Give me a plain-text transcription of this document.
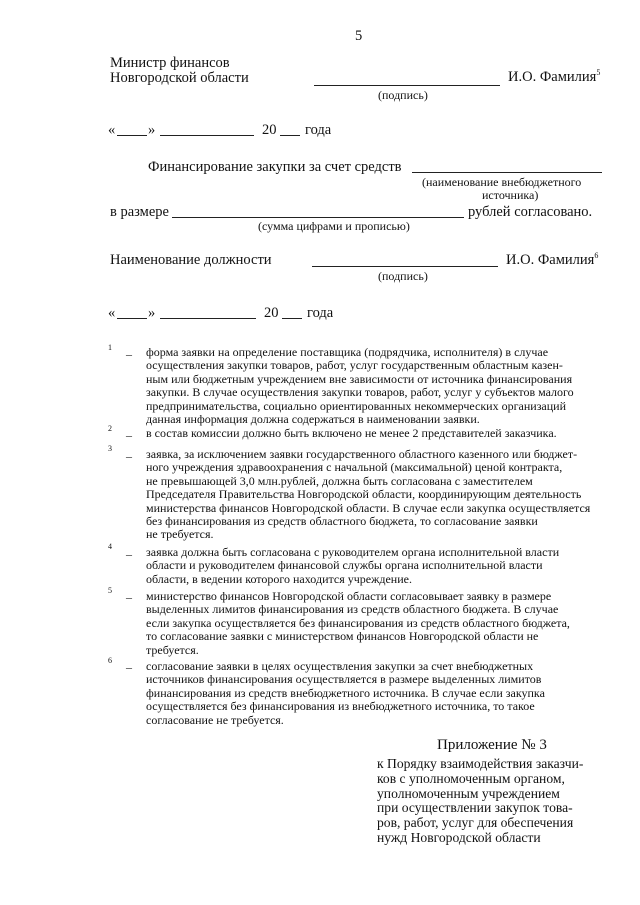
5
Министр финансов
Новгородской области	И.О. Фамилия$^5$
(подпись)
« »	20 года
Финансирование закупки за счет средств
(наименование внебюджетного
источника)
в размере	рублей согласовано.
(сумма цифрами и прописью)
Наименование должности	И.О. Фамилия$^6$
(подпись)
« »	20 года
1 – форма заявки на определение поставщика (подрядчика, исполнителя) в случае
осуществления закупки товаров, работ, услуг государственным областным казен-
ным или бюджетным учреждением вне зависимости от источника финансирования
закупки. В случае осуществления закупки товаров, работ, услуг у субъектов малого
предпринимательства, социально ориентированных некоммерческих организаций
данная информация должна содержаться в наименовании заявки.
2 – в состав комиссии должно быть включено не менее 2 представителей заказчика.
3
– заявка, за исключением заявки государственного областного казенного или бюджет-
ного учреждения здравоохранения с начальной (максимальной) ценой контракта,
не превышающей 3,0 млн.рублей, должна быть согласована с заместителем
Председателя Правительства Новгородской области, координирующим деятельность
министерства финансов Новгородской области. В случае если закупка осуществляется
без финансирования из средств областного бюджета, то согласование заявки
не требуется.
4
– заявка должна быть согласована с руководителем органа исполнительной власти
области и руководителем финансовой службы органа исполнительной власти
области, в ведении которого находится учреждение.
5 – министерство финансов Новгородской области согласовывает заявку в размере
выделенных лимитов финансирования из средств областного бюджета. В случае
если закупка осуществляется без финансирования из средств областного бюджета,
то согласование заявки с министерством финансов Новгородской области не
требуется.
6 – согласование заявки в целях осуществления закупки за счет внебюджетных
источников финансирования осуществляется в размере выделенных лимитов
финансирования из средств внебюджетного источника. В случае если закупка
осуществляется без финансирования из внебюджетного источника, то такое
согласование не требуется.
Приложение № 3
к Порядку взаимодействия заказчи-
ков с уполномоченным органом,
уполномоченным учреждением
при осуществлении закупок това-
ров, работ, услуг для обеспечения
нужд Новгородской области
